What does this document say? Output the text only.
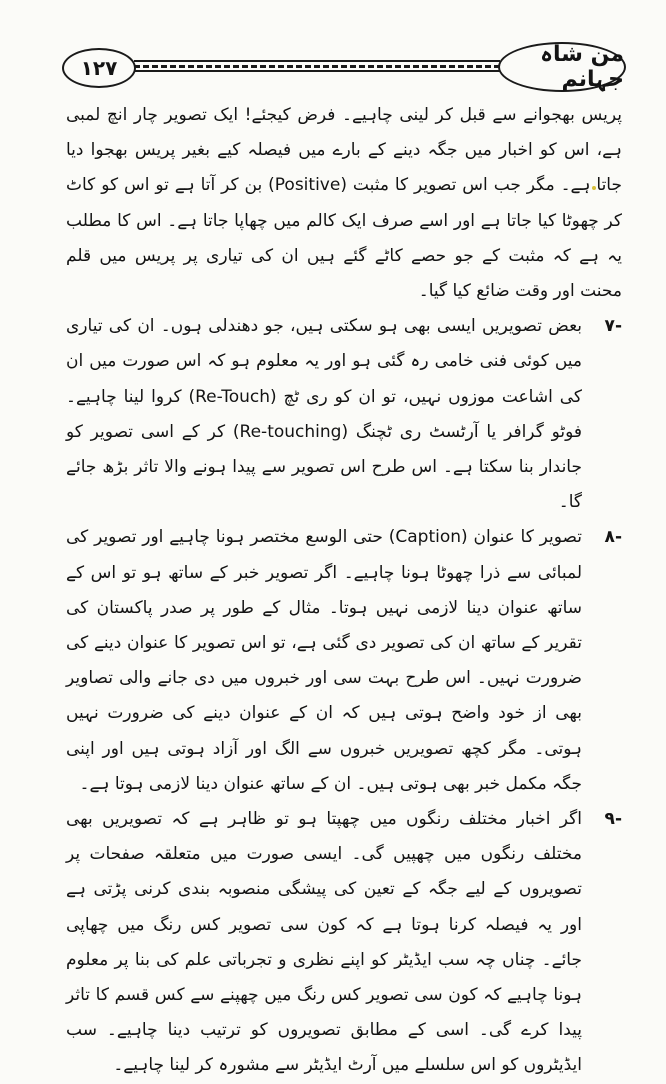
۱۲۷
من شاہ جہانم

پریس بھجوانے سے قبل کر لینی چاہیے۔ فرض کیجئے! ایک تصویر چار انچ لمبی ہے، اس کو اخبار میں جگہ دینے کے بارے میں فیصلہ کیے بغیر پریس بھجوا دیا جاتا ہے۔ مگر جب اس تصویر کا مثبت (Positive) بن کر آتا ہے تو اس کو کاٹ کر چھوٹا کیا جاتا ہے اور اسے صرف ایک کالم میں چھاپا جاتا ہے۔ اس کا مطلب یہ ہے کہ مثبت کے جو حصے کاٹے گئے ہیں ان کی تیاری پر پریس میں قلم محنت اور وقت ضائع کیا گیا۔

-۷
بعض تصویریں ایسی بھی ہو سکتی ہیں، جو دھندلی ہوں۔ ان کی تیاری میں کوئی فنی خامی رہ گئی ہو اور یہ معلوم ہو کہ اس صورت میں ان کی اشاعت موزوں نہیں، تو ان کو ری ٹچ (Re-Touch) کروا لینا چاہیے۔ فوٹو گرافر یا آرٹسٹ ری ٹچنگ (Re-touching) کر کے اسی تصویر کو جاندار بنا سکتا ہے۔ اس طرح اس تصویر سے پیدا ہونے والا تاثر بڑھ جائے گا۔
-۸
تصویر کا عنوان (Caption) حتی الوسع مختصر ہونا چاہیے اور تصویر کی لمبائی سے ذرا چھوٹا ہونا چاہیے۔ اگر تصویر خبر کے ساتھ ہو تو اس کے ساتھ عنوان دینا لازمی نہیں ہوتا۔ مثال کے طور پر صدر پاکستان کی تقریر کے ساتھ ان کی تصویر دی گئی ہے، تو اس تصویر کا عنوان دینے کی ضرورت نہیں۔ اس طرح بہت سی اور خبروں میں دی جانے والی تصاویر بھی از خود واضح ہوتی ہیں کہ ان کے عنوان دینے کی ضرورت نہیں ہوتی۔ مگر کچھ تصویریں خبروں سے الگ اور آزاد ہوتی ہیں اور اپنی جگہ مکمل خبر بھی ہوتی ہیں۔ ان کے ساتھ عنوان دینا لازمی ہوتا ہے۔
-۹
اگر اخبار مختلف رنگوں میں چھپتا ہو تو ظاہر ہے کہ تصویریں بھی مختلف رنگوں میں چھپیں گی۔ ایسی صورت میں متعلقہ صفحات پر تصویروں کے لیے جگہ کے تعین کی پیشگی منصوبہ بندی کرنی پڑتی ہے اور یہ فیصلہ کرنا ہوتا ہے کہ کون سی تصویر کس رنگ میں چھاپی جائے۔ چناں چہ سب ایڈیٹر کو اپنے نظری و تجرباتی علم کی بنا پر معلوم ہونا چاہیے کہ کون سی تصویر کس رنگ میں چھپنے سے کس قسم کا تاثر پیدا کرے گی۔ اسی کے مطابق تصویروں کو ترتیب دینا چاہیے۔ سب ایڈیٹروں کو اس سلسلے میں آرٹ ایڈیٹر سے مشورہ کر لینا چاہیے۔
